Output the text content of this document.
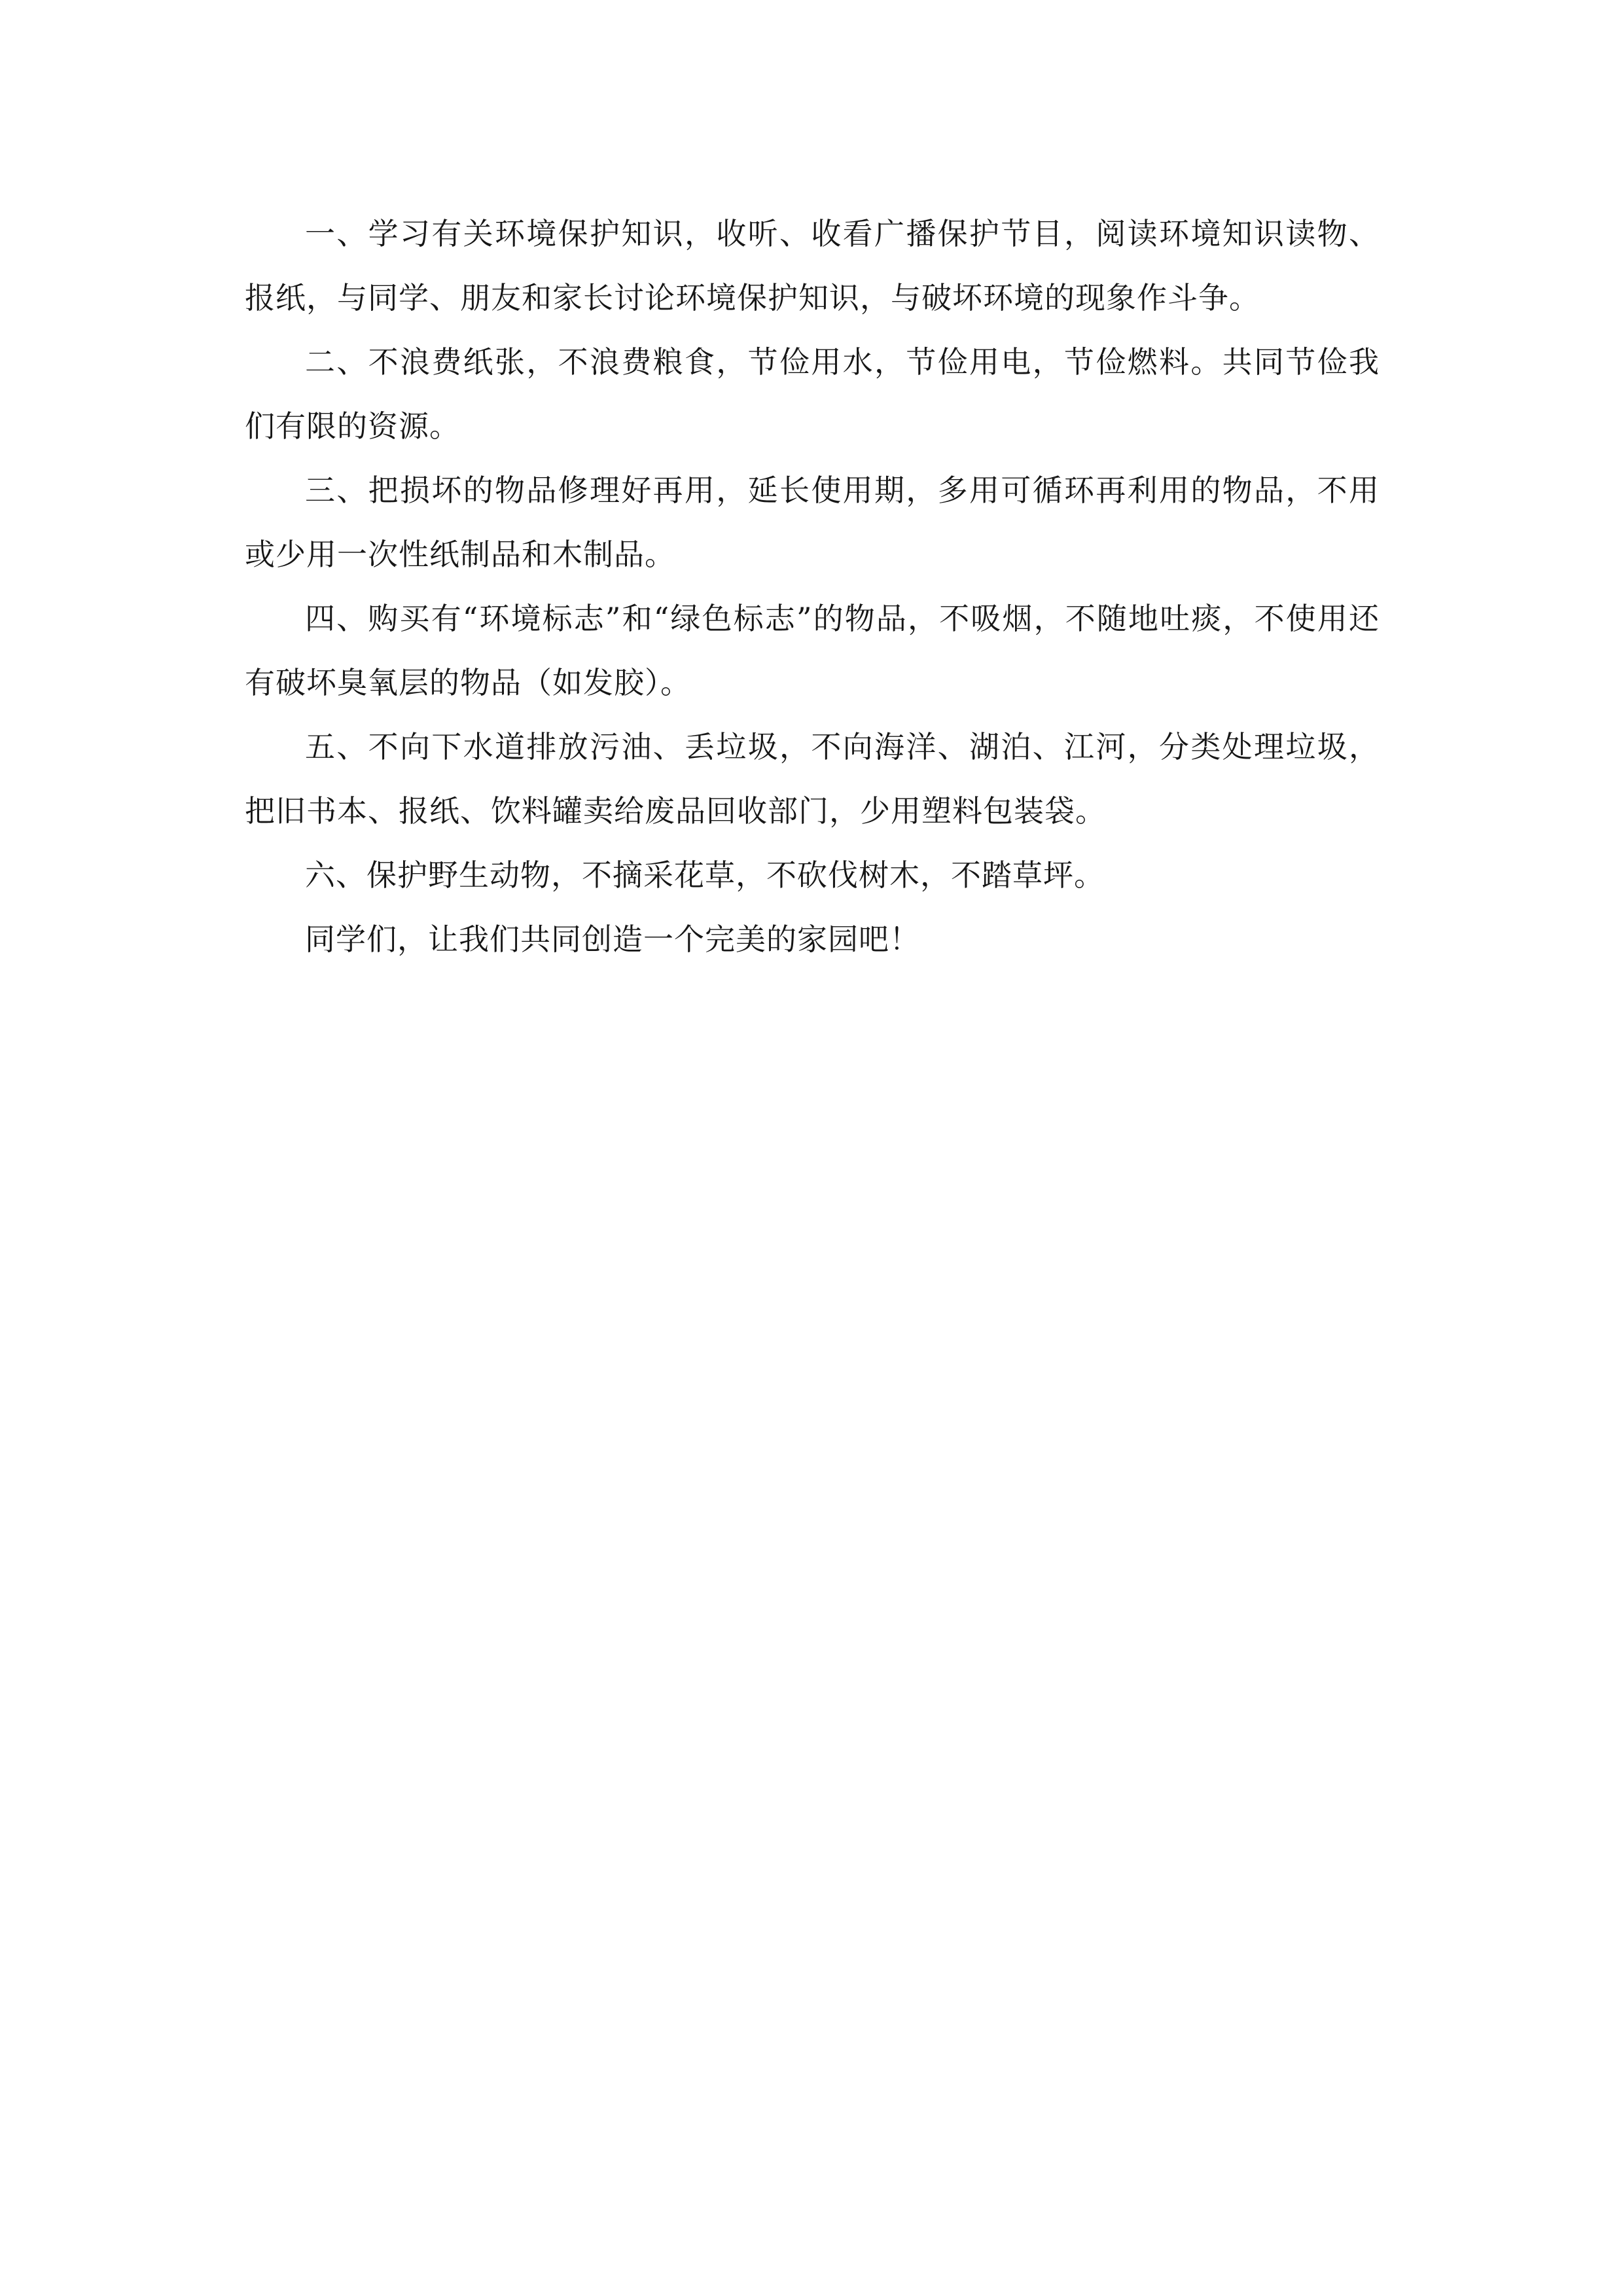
一、学习有关环境保护知识，收听、收看广播保护节目，阅读环境知识读物、报纸，与同学、朋友和家长讨论环境保护知识，与破坏环境的现象作斗争。

二、不浪费纸张，不浪费粮食，节俭用水，节俭用电，节俭燃料。共同节俭我们有限的资源。

三、把损坏的物品修理好再用，延长使用期，多用可循环再利用的物品，不用或少用一次性纸制品和木制品。

四、购买有“环境标志”和“绿色标志”的物品，不吸烟，不随地吐痰，不使用还有破坏臭氧层的物品（如发胶）。

五、不向下水道排放污油、丢垃圾，不向海洋、湖泊、江河，分类处理垃圾，把旧书本、报纸、饮料罐卖给废品回收部门，少用塑料包装袋。

六、保护野生动物，不摘采花草，不砍伐树木，不踏草坪。

同学们，让我们共同创造一个完美的家园吧！
